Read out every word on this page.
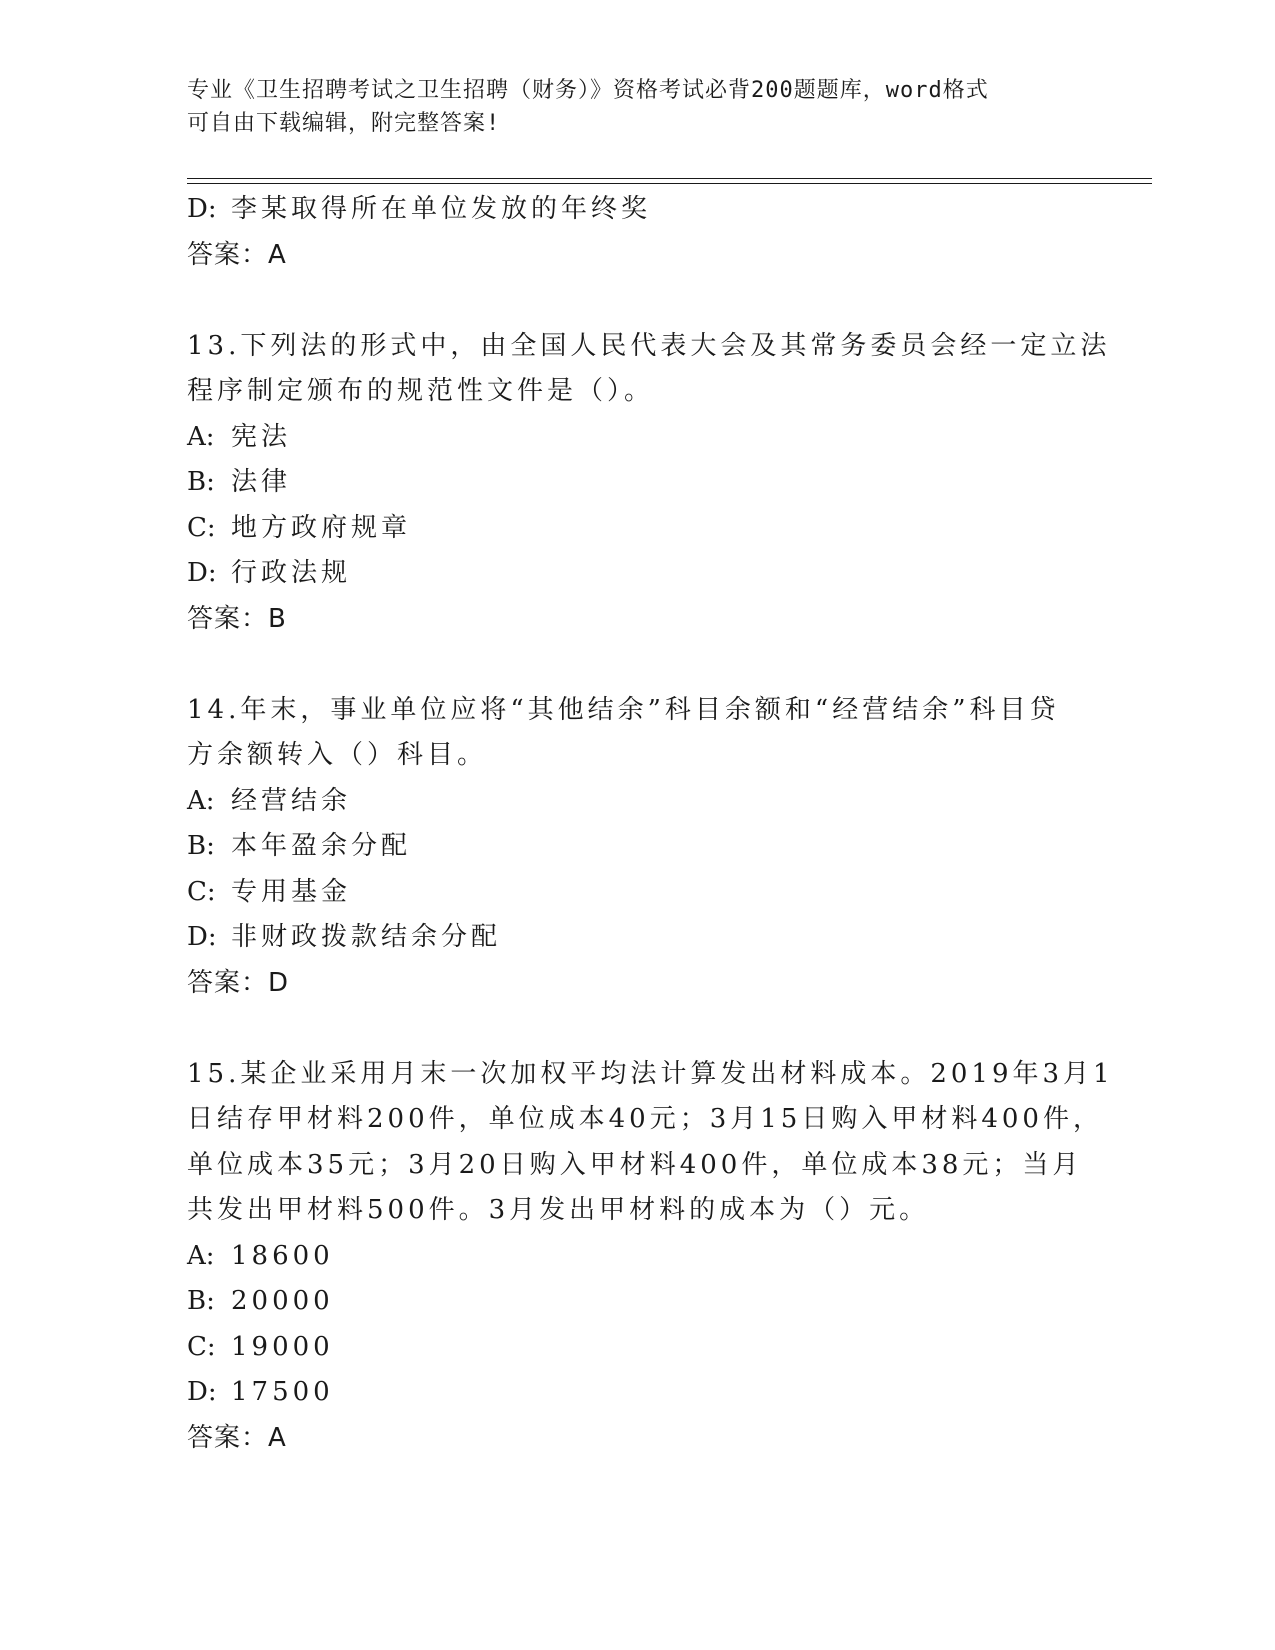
专业《卫生招聘考试之卫生招聘（财务）》资格考试必背200题题库，word格式
可自由下载编辑，附完整答案!
D: 李某取得所在单位发放的年终奖
答案：A
13.下列法的形式中，由全国人民代表大会及其常务委员会经一定立法
程序制定颁布的规范性文件是（）。
A: 宪法
B: 法律
C: 地方政府规章
D: 行政法规
答案：B
14.年末，事业单位应将“其他结余”科目余额和“经营结余”科目贷
方余额转入（）科目。
A: 经营结余
B: 本年盈余分配
C: 专用基金
D: 非财政拨款结余分配
答案：D
15.某企业采用月末一次加权平均法计算发出材料成本。2019年3月1
日结存甲材料200件，单位成本40元；3月15日购入甲材料400件，
单位成本35元；3月20日购入甲材料400件，单位成本38元；当月
共发出甲材料500件。3月发出甲材料的成本为（）元。
A: 18600
B: 20000
C: 19000
D: 17500
答案：A
